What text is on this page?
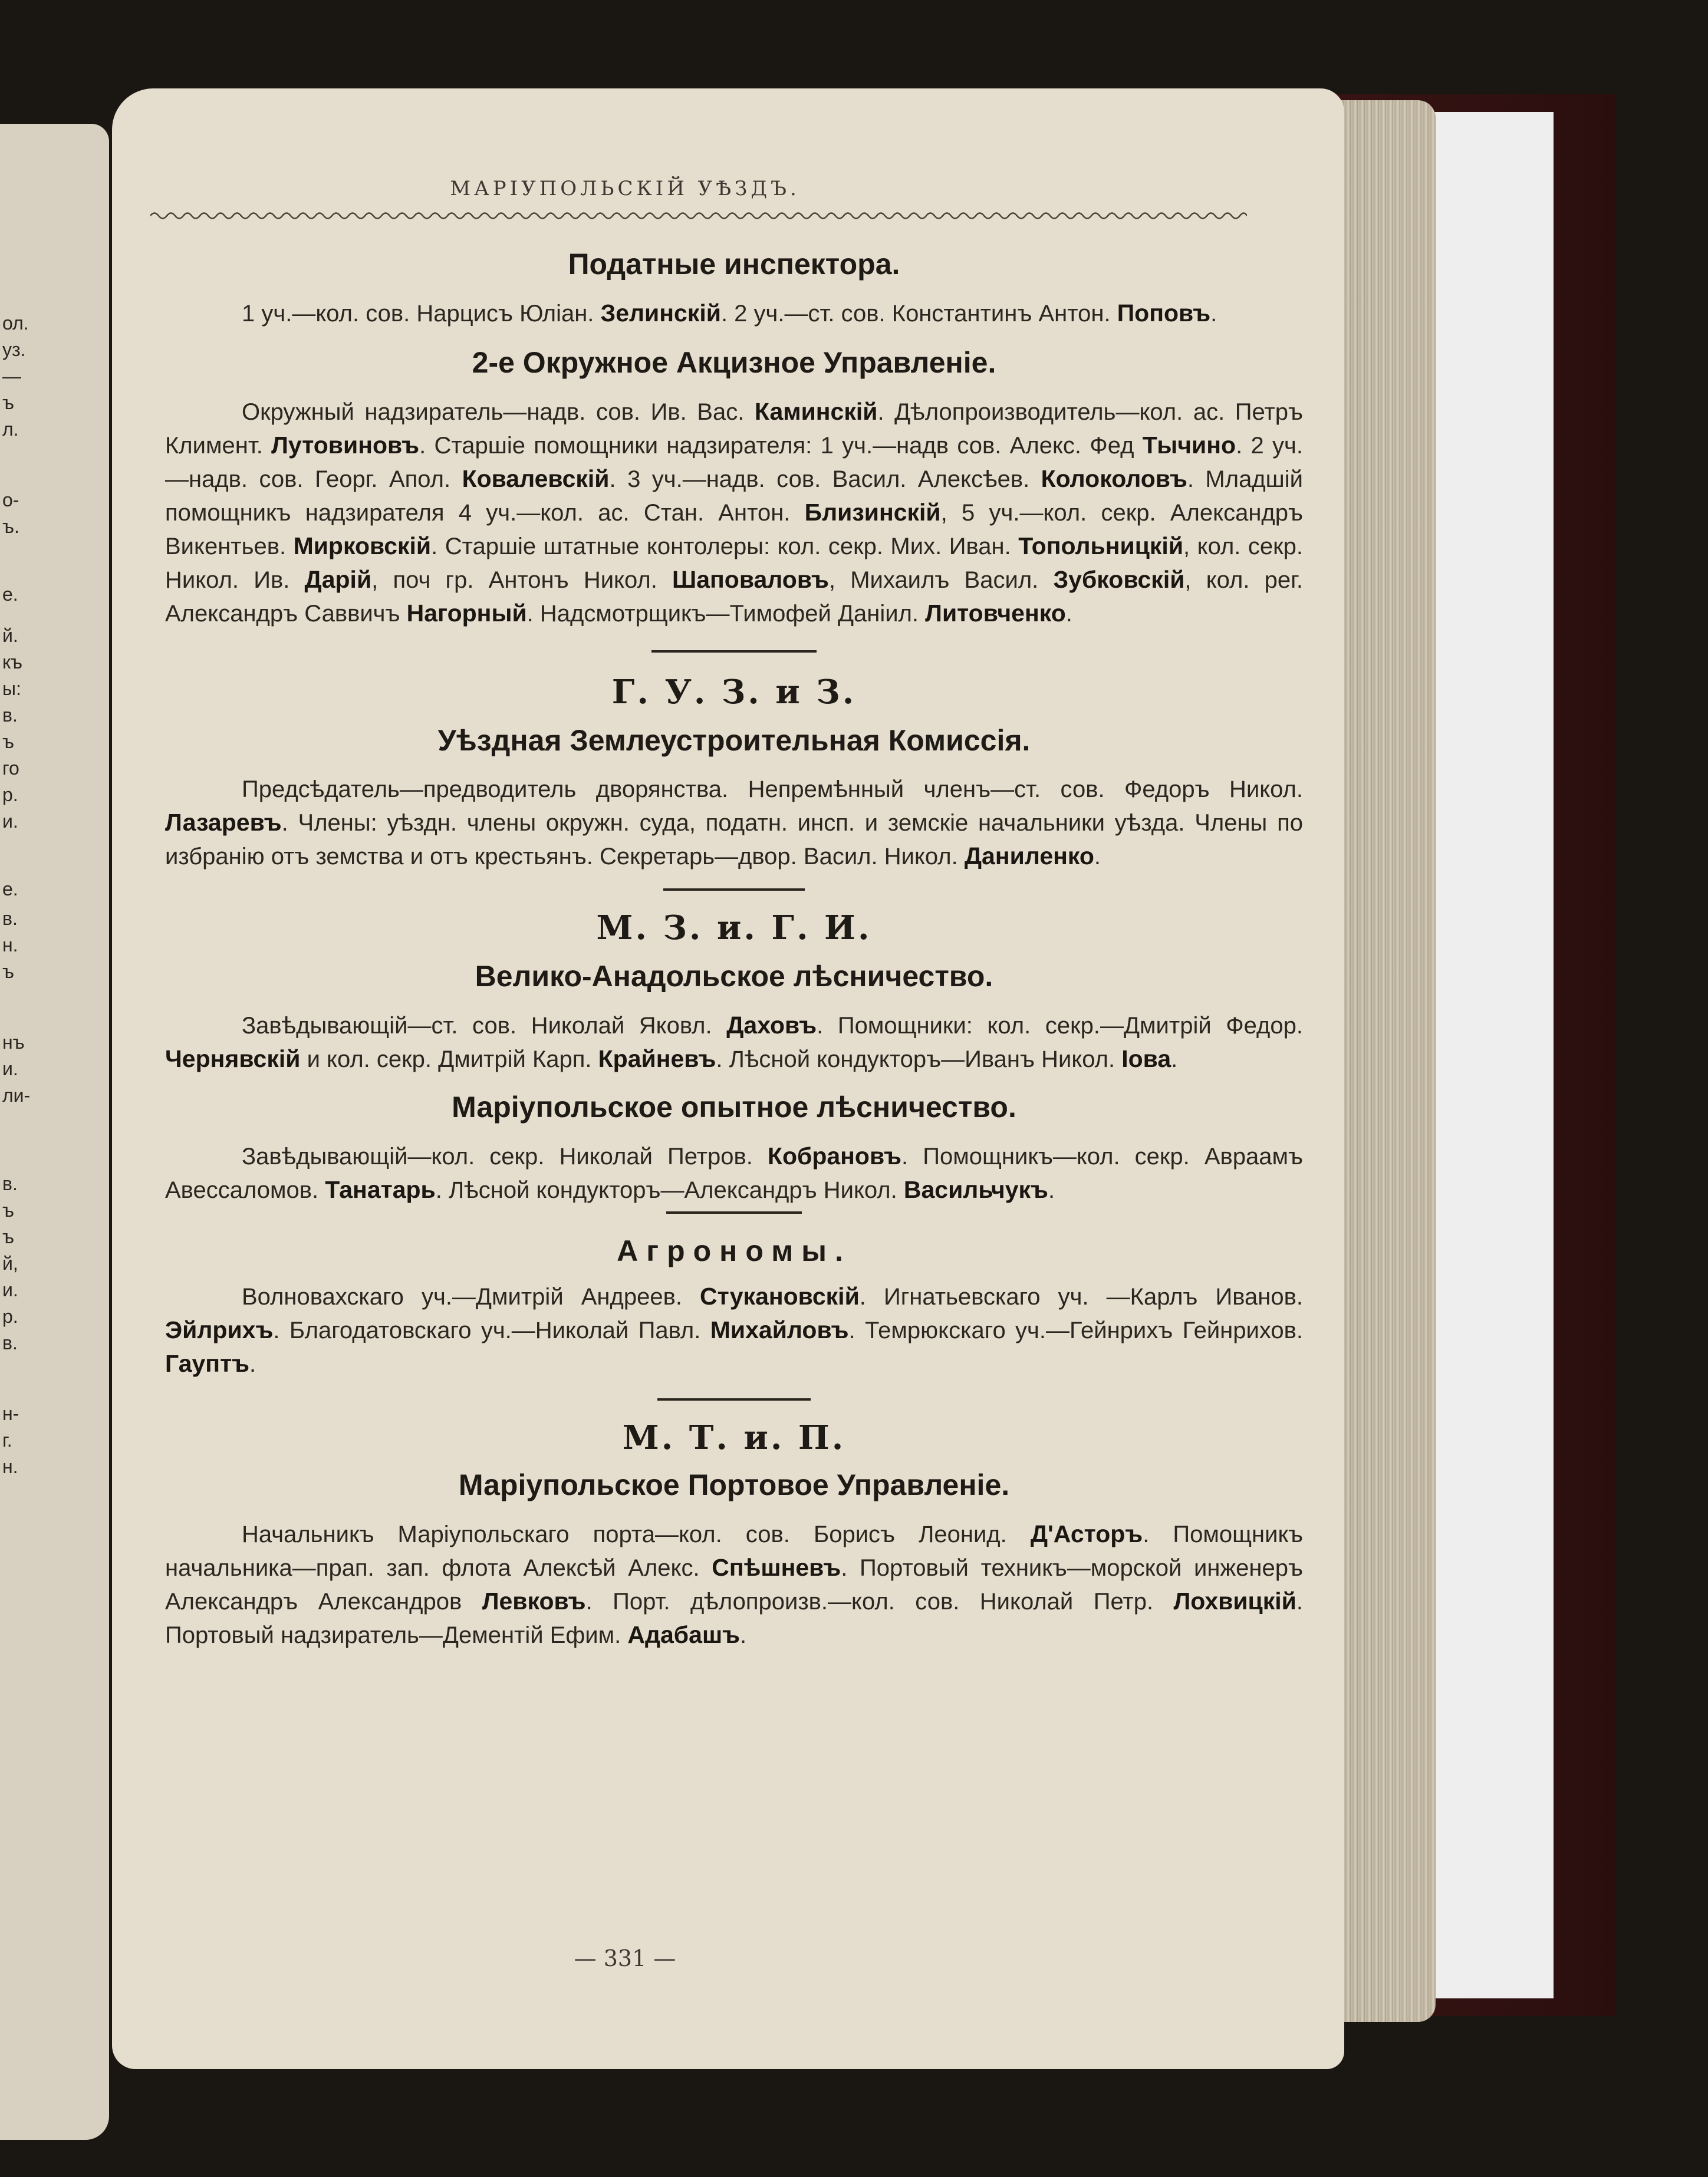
ол.
уз.
—
ъ
л.
о-
ъ.
е.
й.
къ
ы:
в.
ъ
го
р.
и.
е.
в.
н.
ъ
нъ
и.
ли-
в.
ъ
ъ
й,
и.
р.
в.
н-
г.
н.
МАРІУПОЛЬСКІЙ УѢЗДЪ.
Податные инспектора.

1 уч.—кол. сов. Нарцисъ Юліан. Зелинскій. 2 уч.—ст. сов. Константинъ Антон. Поповъ.

2-е Окружное Акцизное Управленіе.

Окружный надзиратель—надв. сов. Ив. Вас. Каминскій. Дѣлопроизводитель—кол. ас. Петръ Климент. Лутовиновъ. Старшіе помощники надзирателя: 1 уч.—надв сов. Алекс. Фед Тычино. 2 уч.—надв. сов. Георг. Апол. Ковалевскій. 3 уч.—надв. сов. Васил. Алексѣев. Колоколовъ. Младшій помощникъ надзирателя 4 уч.—кол. ас. Стан. Антон. Близинскій, 5 уч.—кол. секр. Александръ Викентьев. Мирковскій. Старшіе штатные контолеры: кол. секр. Мих. Иван. Топольницкій, кол. секр. Никол. Ив. Дарій, поч гр. Антонъ Никол. Шаповаловъ, Михаилъ Васил. Зубковскій, кол. рег. Александръ Саввичъ Нагорный. Надсмотрщикъ—Тимофей Даніил. Литовченко.

Г. У. З. и З.
Уѣздная Землеустроительная Комиссія.

Предсѣдатель—предводитель дворянства. Непремѣнный членъ—ст. сов. Федоръ Никол. Лазаревъ. Члены: уѣздн. члены окружн. суда, податн. инсп. и земскіе начальники уѣзда. Члены по избранію отъ земства и отъ крестьянъ. Секретарь—двор. Васил. Никол. Даниленко.

М. З. и. Г. И.
Велико-Анадольское лѣсничество.

Завѣдывающій—ст. сов. Николай Яковл. Даховъ. Помощники: кол. секр.—Дмитрій Федор. Чернявскій и кол. секр. Дмитрій Карп. Крайневъ. Лѣсной кондукторъ—Иванъ Никол. Іова.

Маріупольское опытное лѣсничество.

Завѣдывающій—кол. секр. Николай Петров. Кобрановъ. Помощникъ—кол. секр. Авраамъ Авессаломов. Танатарь. Лѣсной кондукторъ—Александръ Никол. Васильчукъ.

Агрономы.

Волновахскаго уч.—Дмитрій Андреев. Стукановскій. Игнатьевскаго уч. —Карлъ Иванов. Эйлрихъ. Благодатовскаго уч.—Николай Павл. Михайловъ. Темрюкскаго уч.—Гейнрихъ Гейнрихов. Гауптъ.

М. Т. и. П.
Маріупольское Портовое Управленіе.

Начальникъ Маріупольскаго порта—кол. сов. Борисъ Леонид. Д'Асторъ. Помощникъ начальника—прап. зап. флота Алексѣй Алекс. Спѣшневъ. Портовый техникъ—морской инженеръ Александръ Александров Левковъ. Порт. дѣлопроизв.—кол. сов. Николай Петр. Лохвицкій. Портовый надзиратель—Дементій Ефим. Адабашъ.

— 331 —
